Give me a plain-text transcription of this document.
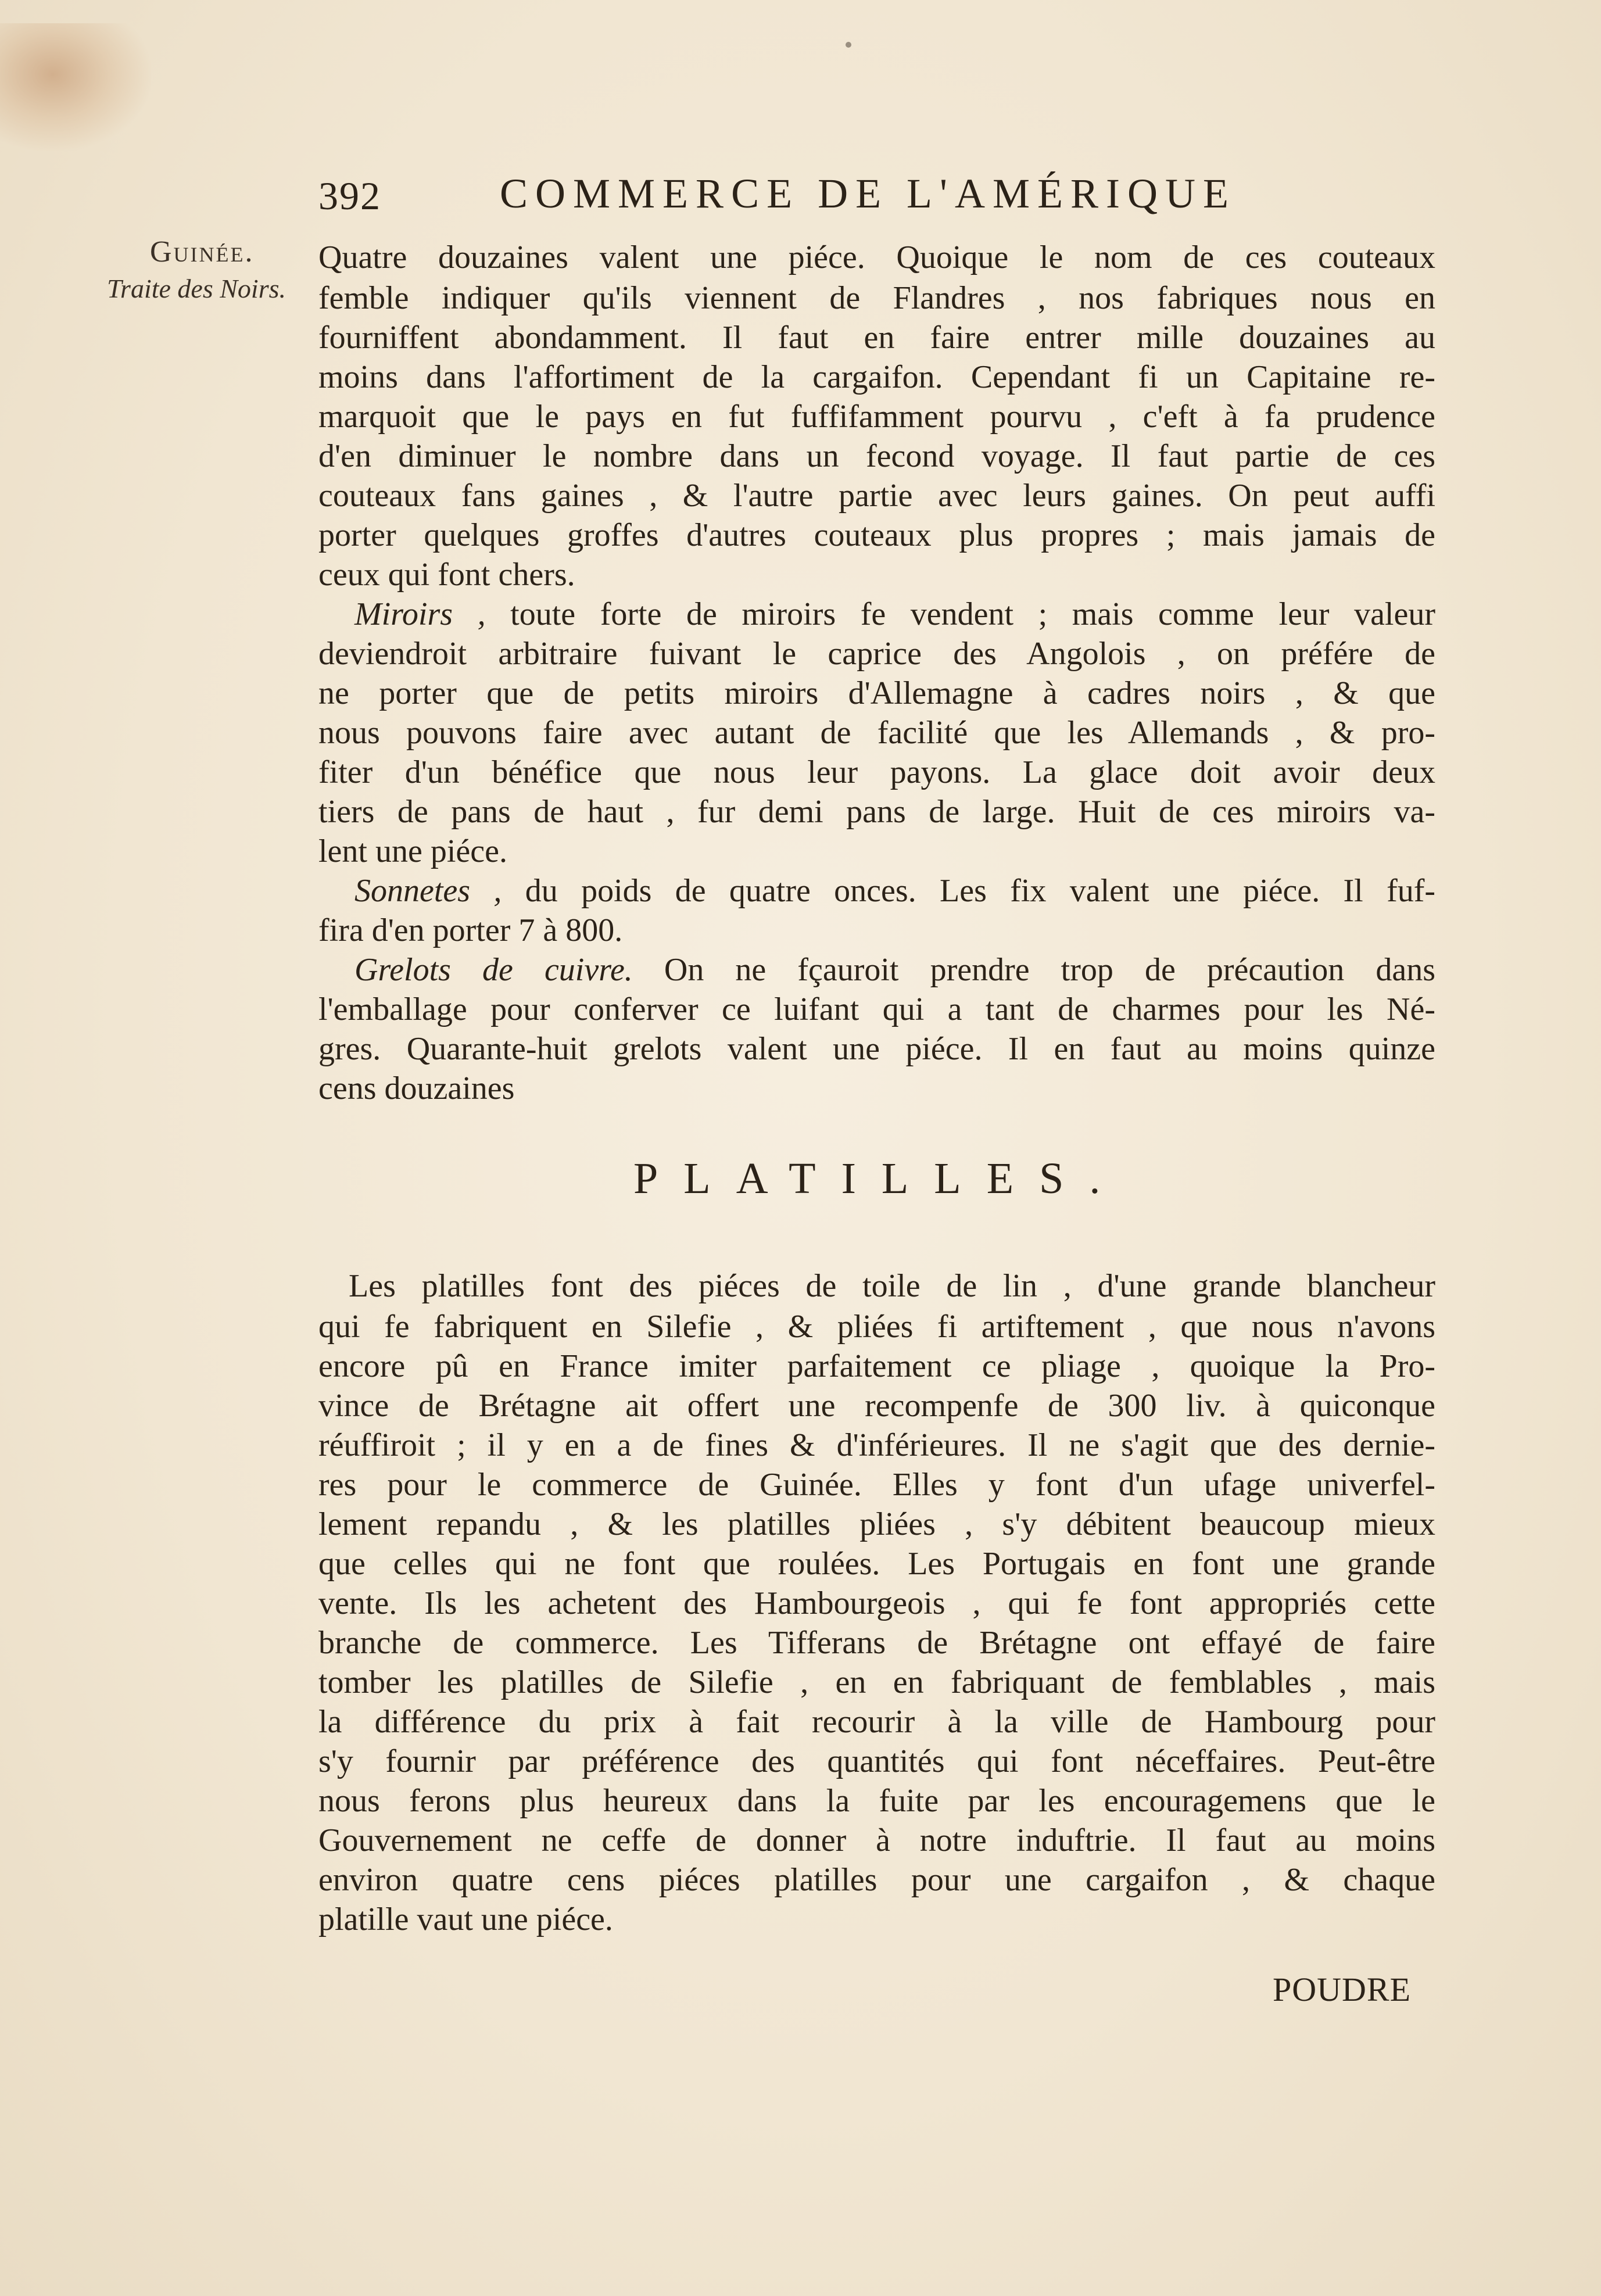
392	COMMERCE DE L'AMÉRIQUE
Guinée.
Traite des Noirs.
Quatre douzaines valent une piéce. Quoique le nom de ces couteaux
femble indiquer qu'ils viennent de Flandres , nos fabriques nous en
fourniffent abondamment. Il faut en faire entrer mille douzaines au
moins dans l'affortiment de la cargaifon. Cependant fi un Capitaine re-
marquoit que le pays en fut fuffifamment pourvu , c'eft à fa prudence
d'en diminuer le nombre dans un fecond voyage. Il faut partie de ces
couteaux fans gaines , & l'autre partie avec leurs gaines. On peut auffi
porter quelques groffes d'autres couteaux plus propres ; mais jamais de
ceux qui font chers.
Miroirs , toute forte de miroirs fe vendent ; mais comme leur valeur
deviendroit arbitraire fuivant le caprice des Angolois , on préfére de
ne porter que de petits miroirs d'Allemagne à cadres noirs , & que
nous pouvons faire avec autant de facilité que les Allemands , & pro-
fiter d'un bénéfice que nous leur payons. La glace doit avoir deux
tiers de pans de haut , fur demi pans de large. Huit de ces miroirs va-
lent une piéce.
Sonnetes , du poids de quatre onces. Les fix valent une piéce. Il fuf-
fira d'en porter 7 à 800.
Grelots de cuivre. On ne fçauroit prendre trop de précaution dans
l'emballage pour conferver ce luifant qui a tant de charmes pour les Né-
gres. Quarante-huit grelots valent une piéce. Il en faut au moins quinze
cens douzaines
PLATILLES.
Les platilles font des piéces de toile de lin , d'une grande blancheur
qui fe fabriquent en Silefie , & pliées fi artiftement , que nous n'avons
encore pû en France imiter parfaitement ce pliage , quoique la Pro-
vince de Brétagne ait offert une recompenfe de 300 liv. à quiconque
réuffiroit ; il y en a de fines & d'inférieures. Il ne s'agit que des dernie-
res pour le commerce de Guinée. Elles y font d'un ufage univerfel-
lement repandu , & les platilles pliées , s'y débitent beaucoup mieux
que celles qui ne font que roulées. Les Portugais en font une grande
vente. Ils les achetent des Hambourgeois , qui fe font appropriés cette
branche de commerce. Les Tifferans de Brétagne ont effayé de faire
tomber les platilles de Silefie , en en fabriquant de femblables , mais
la différence du prix à fait recourir à la ville de Hambourg pour
s'y fournir par préférence des quantités qui font néceffaires. Peut-être
nous ferons plus heureux dans la fuite par les encouragemens que le
Gouvernement ne ceffe de donner à notre induftrie. Il faut au moins
environ quatre cens piéces platilles pour une cargaifon , & chaque
platille vaut une piéce.
POUDRE
